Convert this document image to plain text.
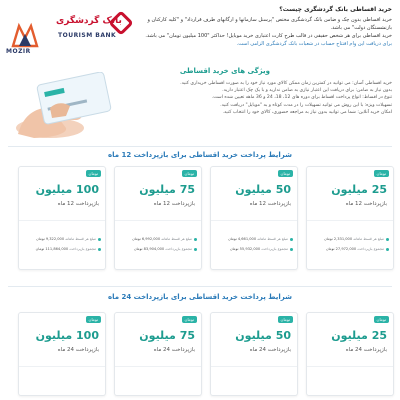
MOZIR
بانک گردشگری
TOURISM BANK
خرید اقساطی بانک گردشگری چیست؟
خرید اقساطی بدون چک و ضامن بانک گردشگری مختص "پرسنل سازمانها و ارگانهای طرف قرارداد" و "کلیه کارکنان و بازنشستگان دولت" می باشد.
خرید اقساطی برای هر شخص حقیقی در قالب طرح کارت اعتباری خرید موبایل! حداکثر "100 میلیون تومان" می باشد.
برای دریافت این وام افتتاح حساب در شعبات بانک گردشگری الزامی است.
ویژگی های خرید اقساطی
خرید اقساطی آسان: می توانید در کمترین زمان ممکن کالای مورد نیاز خود را به صورت اقساطی خریداری کنید.
بدون نیاز به ضامن: برای دریافت این اعتبار نیازی به ضامن ندارید و با یک چک اعتبار دارید.
تنوع در اقساط: انواع پرداخت اقساط برای دوره های 12، 18، 24 و 36 ماهه تعیین شده است.
تسهیلات ویژه: با این روش می توانید تسهیلات را در مدت کوتاه و به "موبایل" دریافت کنید.
امکان خرید آنلاین: شما می توانید بدون نیاز به مراجعه حضوری، کالای خود را انتخاب کنید.
شرایط پرداخت خرید اقساطی برای بازپرداخت 12 ماه
تومان
25 میلیون
بازپرداخت 12 ماه
مبلغ هر قسط ماهانه 2,331,000 تومان
مجموع بازپرداخت 27,972,000 تومان
تومان
50 میلیون
بازپرداخت 12 ماه
مبلغ هر قسط ماهانه 4,661,000 تومان
مجموع بازپرداخت 55,932,000 تومان
تومان
75 میلیون
بازپرداخت 12 ماه
مبلغ هر قسط ماهانه 6,992,000 تومان
مجموع بازپرداخت 83,904,000 تومان
تومان
100 میلیون
بازپرداخت 12 ماه
مبلغ هر قسط ماهانه 9,322,000 تومان
مجموع بازپرداخت 111,864,000 تومان
شرایط پرداخت خرید اقساطی برای بازپرداخت 24 ماه
تومان
25 میلیون
بازپرداخت 24 ماه
تومان
50 میلیون
بازپرداخت 24 ماه
تومان
75 میلیون
بازپرداخت 24 ماه
تومان
100 میلیون
بازپرداخت 24 ماه
